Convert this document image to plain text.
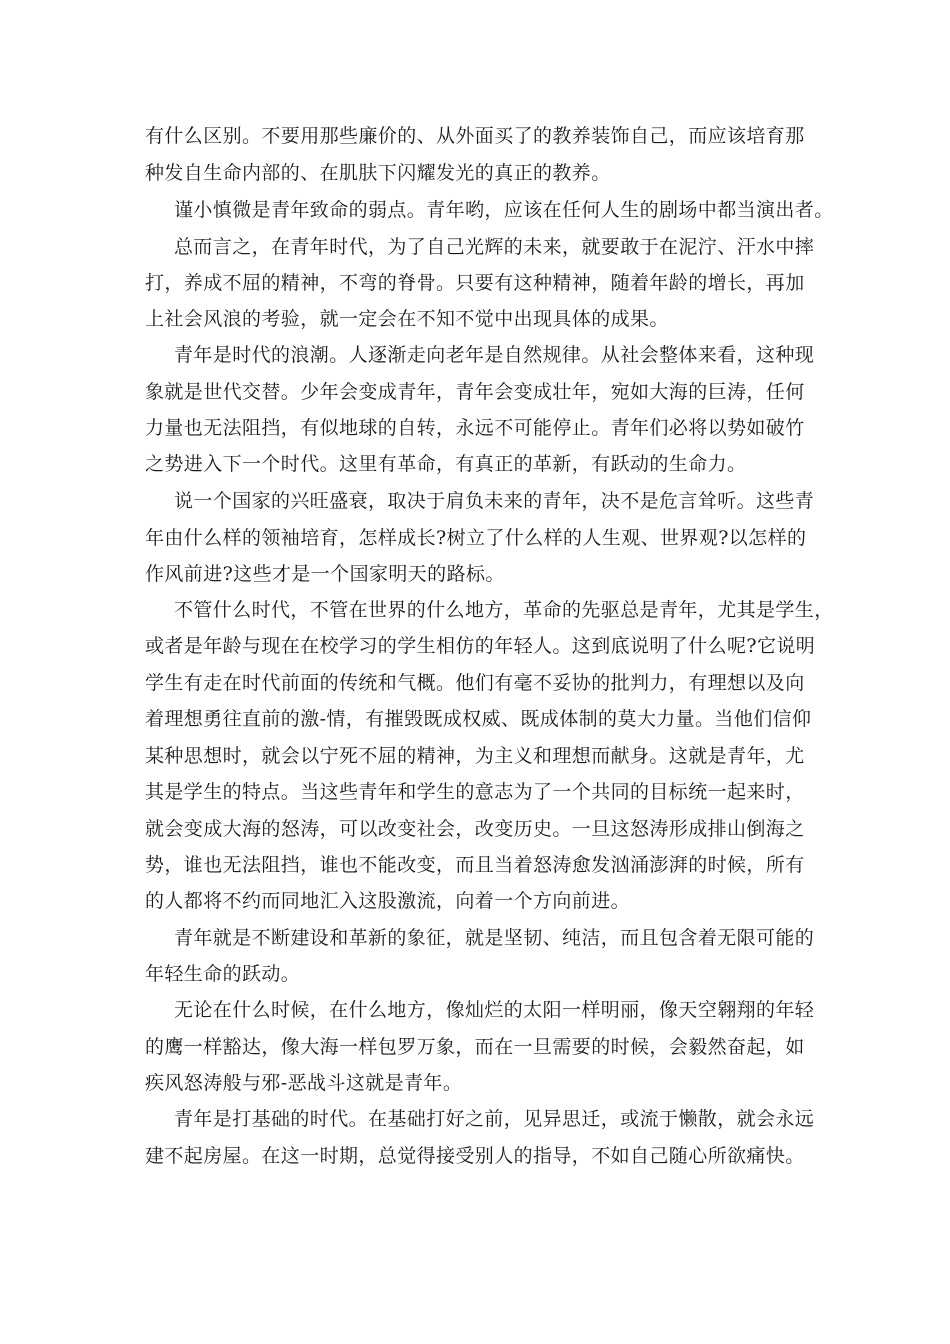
有什么区别。不要用那些廉价的、从外面买了的教养装饰自己，而应该培育那
种发自生命内部的、在肌肤下闪耀发光的真正的教养。
谨小慎微是青年致命的弱点。青年哟，应该在任何人生的剧场中都当演出者。
总而言之，在青年时代，为了自己光辉的未来，就要敢于在泥泞、汗水中摔
打，养成不屈的精神，不弯的脊骨。只要有这种精神，随着年龄的增长，再加
上社会风浪的考验，就一定会在不知不觉中出现具体的成果。
青年是时代的浪潮。人逐渐走向老年是自然规律。从社会整体来看，这种现
象就是世代交替。少年会变成青年，青年会变成壮年，宛如大海的巨涛，任何
力量也无法阻挡，有似地球的自转，永远不可能停止。青年们必将以势如破竹
之势进入下一个时代。这里有革命，有真正的革新，有跃动的生命力。
说一个国家的兴旺盛衰，取决于肩负未来的青年，决不是危言耸听。这些青
年由什么样的领袖培育，怎样成长?树立了什么样的人生观、世界观?以怎样的
作风前进?这些才是一个国家明天的路标。
不管什么时代，不管在世界的什么地方，革命的先驱总是青年，尤其是学生，
或者是年龄与现在在校学习的学生相仿的年轻人。这到底说明了什么呢?它说明
学生有走在时代前面的传统和气概。他们有毫不妥协的批判力，有理想以及向
着理想勇往直前的激-情，有摧毁既成权威、既成体制的莫大力量。当他们信仰
某种思想时，就会以宁死不屈的精神，为主义和理想而献身。这就是青年，尤
其是学生的特点。当这些青年和学生的意志为了一个共同的目标统一起来时，
就会变成大海的怒涛，可以改变社会，改变历史。一旦这怒涛形成排山倒海之
势，谁也无法阻挡，谁也不能改变，而且当着怒涛愈发汹涌澎湃的时候，所有
的人都将不约而同地汇入这股激流，向着一个方向前进。
青年就是不断建设和革新的象征，就是坚韧、纯洁，而且包含着无限可能的
年轻生命的跃动。
无论在什么时候，在什么地方，像灿烂的太阳一样明丽，像天空翱翔的年轻
的鹰一样豁达，像大海一样包罗万象，而在一旦需要的时候，会毅然奋起，如
疾风怒涛般与邪-恶战斗这就是青年。
青年是打基础的时代。在基础打好之前，见异思迁，或流于懒散，就会永远
建不起房屋。在这一时期，总觉得接受别人的指导，不如自己随心所欲痛快。
